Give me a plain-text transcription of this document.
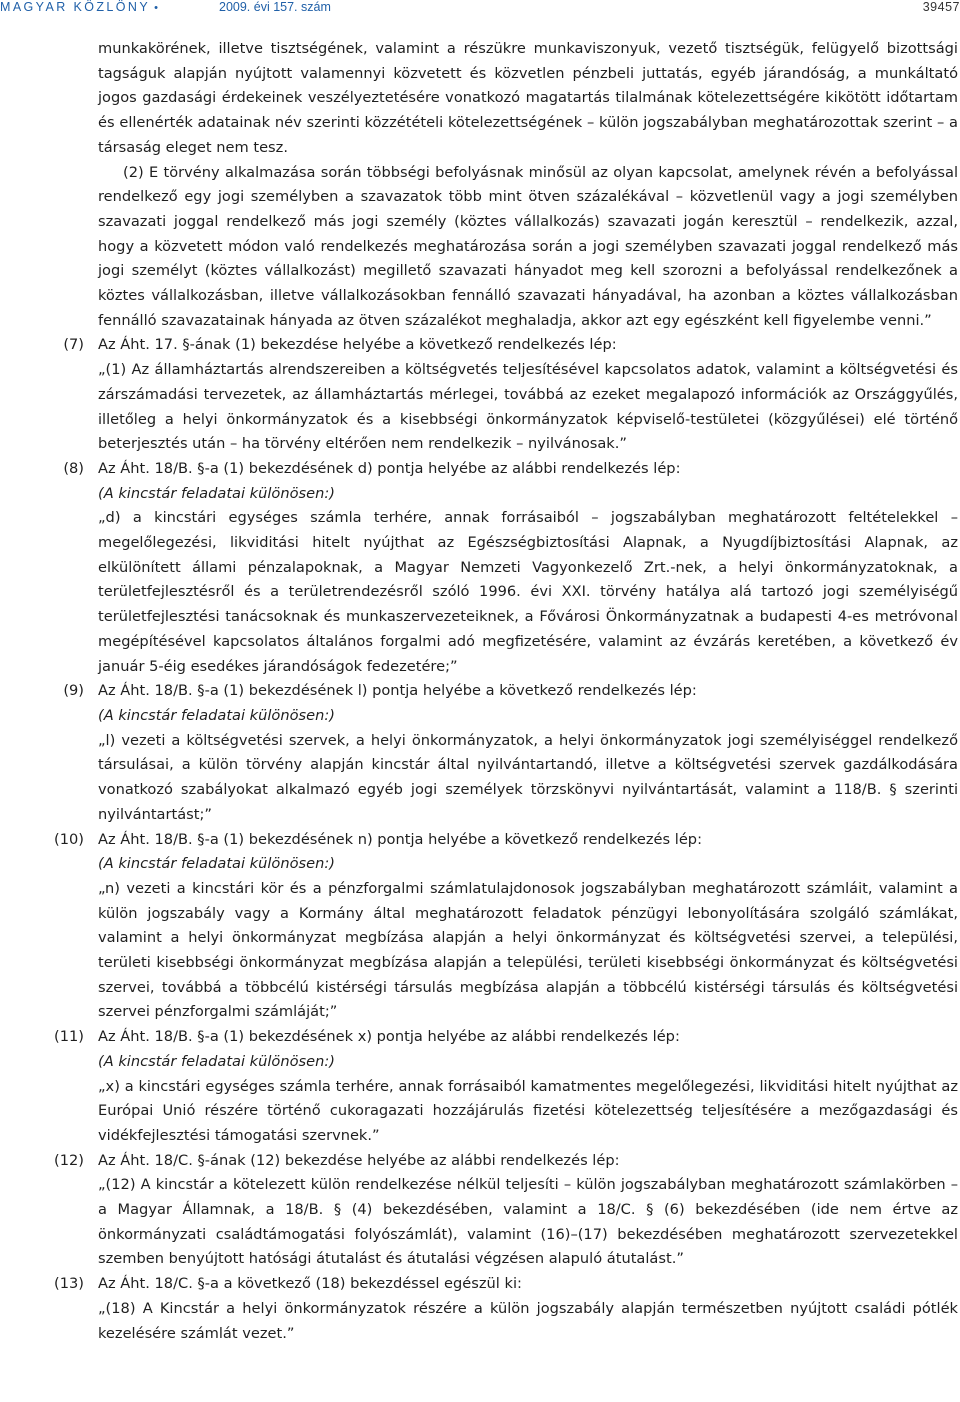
MAGYAR KÖZLÖNY •	2009. évi 157. szám	39457

munkakörének, illetve tisztségének, valamint a részükre munkaviszonyuk, vezető tisztségük, felügyelő bizottsági tagságuk alapján nyújtott valamennyi közvetett és közvetlen pénzbeli juttatás, egyéb járandóság, a munkáltató jogos gazdasági érdekeinek veszélyeztetésére vonatkozó magatartás tilalmának kötelezettségére kikötött időtartam és ellenérték adatainak név szerinti közzétételi kötelezettségének – külön jogszabályban meghatározottak szerint – a társaság eleget nem tesz.

(2) E törvény alkalmazása során többségi befolyásnak minősül az olyan kapcsolat, amelynek révén a befolyással rendelkező egy jogi személyben a szavazatok több mint ötven százalékával – közvetlenül vagy a jogi személyben szavazati joggal rendelkező más jogi személy (köztes vállalkozás) szavazati jogán keresztül – rendelkezik, azzal, hogy a közvetett módon való rendelkezés meghatározása során a jogi személyben szavazati joggal rendelkező más jogi személyt (köztes vállalkozást) megillető szavazati hányadot meg kell szorozni a befolyással rendelkezőnek a köztes vállalkozásban, illetve vállalkozásokban fennálló szavazati hányadával, ha azonban a köztes vállalkozásban fennálló szavazatainak hányada az ötven százalékot meghaladja, akkor azt egy egészként kell figyelembe venni.”

(7) Az Áht. 17. §-ának (1) bekezdése helyébe a következő rendelkezés lép:

„(1) Az államháztartás alrendszereiben a költségvetés teljesítésével kapcsolatos adatok, valamint a költségvetési és zárszámadási tervezetek, az államháztartás mérlegei, továbbá az ezeket megalapozó információk az Országgyűlés, illetőleg a helyi önkormányzatok és a kisebbségi önkormányzatok képviselő-testületei (közgyűlései) elé történő beterjesztés után – ha törvény eltérően nem rendelkezik – nyilvánosak.”

(8) Az Áht. 18/B. §-a (1) bekezdésének d) pontja helyébe az alábbi rendelkezés lép:

(A kincstár feladatai különösen:)

„d) a kincstári egységes számla terhére, annak forrásaiból – jogszabályban meghatározott feltételekkel – megelőlegezési, likviditási hitelt nyújthat az Egészségbiztosítási Alapnak, a Nyugdíjbiztosítási Alapnak, az elkülönített állami pénzalapoknak, a Magyar Nemzeti Vagyonkezelő Zrt.-nek, a helyi önkormányzatoknak, a területfejlesztésről és a területrendezésről szóló 1996. évi XXI. törvény hatálya alá tartozó jogi személyiségű területfejlesztési tanácsoknak és munkaszervezeteiknek, a Fővárosi Önkormányzatnak a budapesti 4-es metróvonal megépítésével kapcsolatos általános forgalmi adó megfizetésére, valamint az évzárás keretében, a következő év január 5-éig esedékes járandóságok fedezetére;”

(9) Az Áht. 18/B. §-a (1) bekezdésének l) pontja helyébe a következő rendelkezés lép:

(A kincstár feladatai különösen:)

„l) vezeti a költségvetési szervek, a helyi önkormányzatok, a helyi önkormányzatok jogi személyiséggel rendelkező társulásai, a külön törvény alapján kincstár által nyilvántartandó, illetve a költségvetési szervek gazdálkodására vonatkozó szabályokat alkalmazó egyéb jogi személyek törzskönyvi nyilvántartását, valamint a 118/B. § szerinti nyilvántartást;”

(10) Az Áht. 18/B. §-a (1) bekezdésének n) pontja helyébe a következő rendelkezés lép:

(A kincstár feladatai különösen:)

„n) vezeti a kincstári kör és a pénzforgalmi számlatulajdonosok jogszabályban meghatározott számláit, valamint a külön jogszabály vagy a Kormány által meghatározott feladatok pénzügyi lebonyolítására szolgáló számlákat, valamint a helyi önkormányzat megbízása alapján a helyi önkormányzat és költségvetési szervei, a települési, területi kisebbségi önkormányzat megbízása alapján a települési, területi kisebbségi önkormányzat és költségvetési szervei, továbbá a többcélú kistérségi társulás megbízása alapján a többcélú kistérségi társulás és költségvetési szervei pénzforgalmi számláját;”

(11) Az Áht. 18/B. §-a (1) bekezdésének x) pontja helyébe az alábbi rendelkezés lép:

(A kincstár feladatai különösen:)

„x) a kincstári egységes számla terhére, annak forrásaiból kamatmentes megelőlegezési, likviditási hitelt nyújthat az Európai Unió részére történő cukoragazati hozzájárulás fizetési kötelezettség teljesítésére a mezőgazdasági és vidékfejlesztési támogatási szervnek.”

(12) Az Áht. 18/C. §-ának (12) bekezdése helyébe az alábbi rendelkezés lép:

„(12) A kincstár a kötelezett külön rendelkezése nélkül teljesíti – külön jogszabályban meghatározott számlakörben – a Magyar Államnak, a 18/B. § (4) bekezdésében, valamint a 18/C. § (6) bekezdésében (ide nem értve az önkormányzati családtámogatási folyószámlát), valamint (16)–(17) bekezdésében meghatározott szervezetekkel szemben benyújtott hatósági átutalást és átutalási végzésen alapuló átutalást.”

(13) Az Áht. 18/C. §-a a következő (18) bekezdéssel egészül ki:

„(18) A Kincstár a helyi önkormányzatok részére a külön jogszabály alapján természetben nyújtott családi pótlék kezelésére számlát vezet.”
